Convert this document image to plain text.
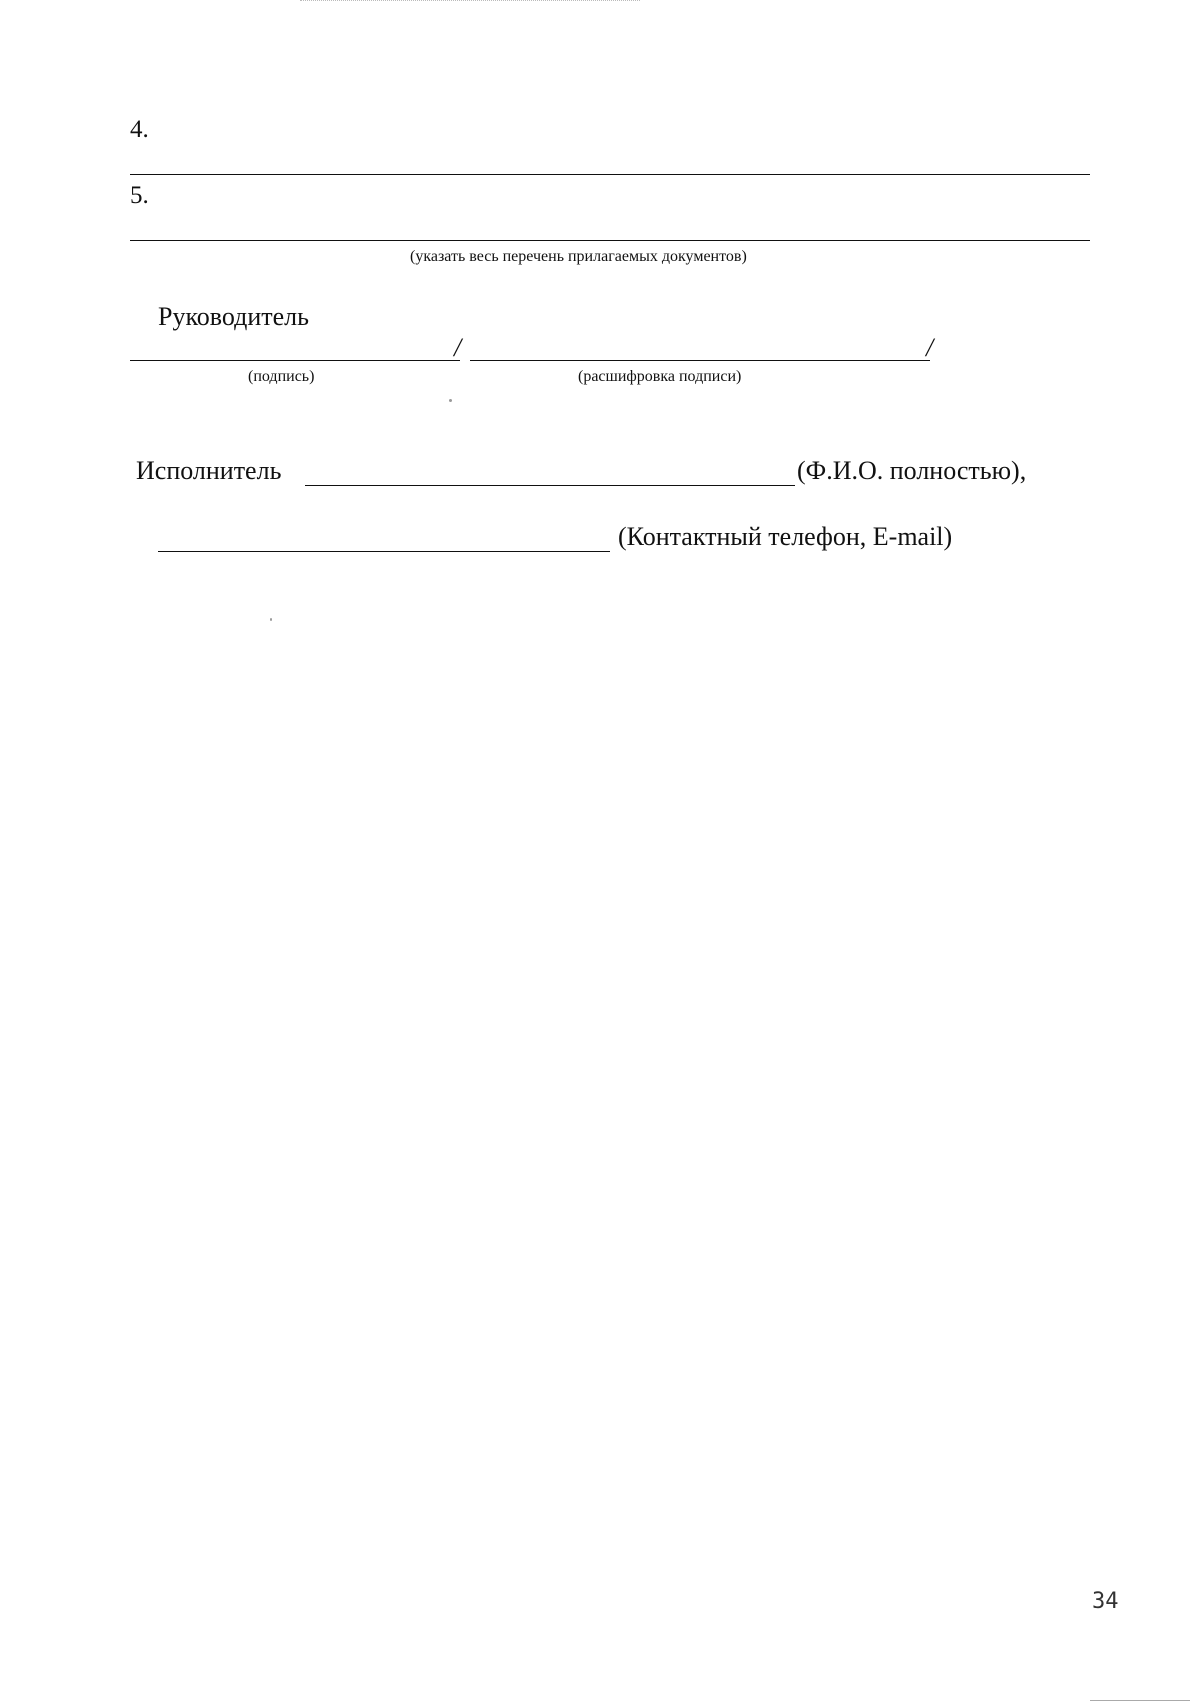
4.
5.
(указать весь перечень прилагаемых документов)
Руководитель
/	/
(подпись)	(расшифровка подписи)
Исполнитель	(Ф.И.О. полностью),
(Контактный телефон, E-mail)
34
